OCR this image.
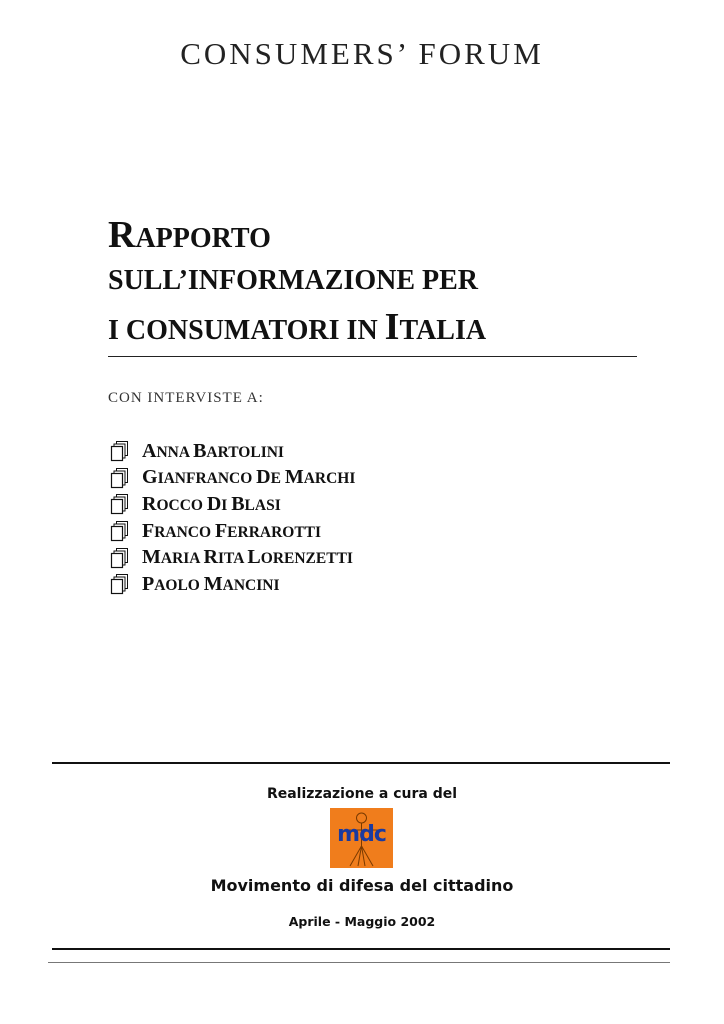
CONSUMERS’ FORUM
RAPPORTO
SULL’INFORMAZIONE PER
I CONSUMATORI IN ITALIA
CON INTERVISTE A:
ANNA BARTOLINI
GIANFRANCO DE MARCHI
ROCCO DI BLASI
FRANCO FERRAROTTI
MARIA RITA LORENZETTI
PAOLO MANCINI
Realizzazione a cura del
mdc
Movimento di difesa del cittadino
Aprile - Maggio 2002
